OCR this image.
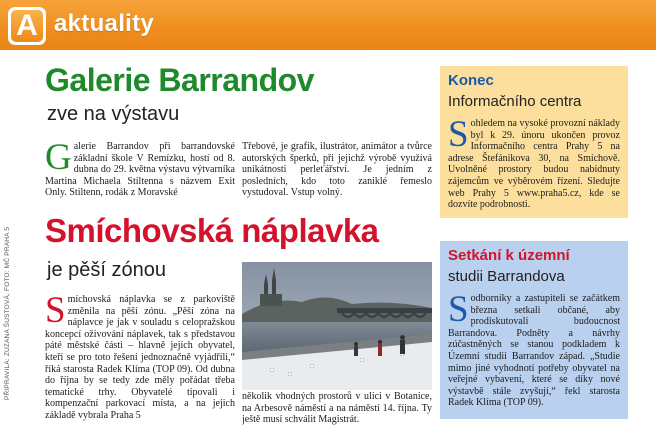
A aktuality
PŘIPRAVILA: ZUZANA ŠUSTOVÁ, FOTO: MČ PRAHA 5
Galerie Barrandov
zve na výstavu
Galerie Barrandov při barrandovské základní škole V Remízku, hostí od 8. dubna do 29. května výstavu výtvarníka Martina Michaela Stiltenna s názvem Exit Only. Stiltenn, rodák z Moravské
Třebové, je grafik, ilustrátor, animátor a tvůrce autorských šperků, při jejichž výrobě využívá unikátnosti perleťářství. Je jedním z posledních, kdo toto zaniklé řemeslo vystudoval. Vstup volný.
Smíchovská náplavka
je pěší zónou
Smíchovská náplavka se z parkoviště změnila na pěší zónu. „Pěší zóna na náplavce je jak v souladu s celopražskou koncepcí oživování náplavek, tak s představou páté městské části – hlavně jejích obyvatel, kteří se pro toto řešení jednoznačně vyjádřili,“ říká starosta Radek Klíma (TOP 09). Od dubna do října by se tedy zde měly pořádat třeba tematické trhy. Obyvatelé tipovali i kompenzační parkovací místa, a na jejich základě vybrala Praha 5
několik vhodných prostorů v ulici v Botanice, na Arbesově náměstí a na náměstí 14. října. Ty ještě musí schválit Magistrát.
Konec
Informačního centra
Sohledem na vysoké provozní náklady byl k 29. únoru ukončen provoz Informačního centra Prahy 5 na adrese Štefánikova 30, na Smíchově. Uvolněné prostory budou nabídnuty zájemcům ve výběrovém řízení. Sledujte web Prahy 5 www.praha5.cz, kde se dozvíte podrobnosti.
Setkání k územní
studii Barrandova
Sodborníky a zastupiteli se začátkem března setkali občané, aby prodiskutovali budoucnost Barrandova. Podněty a návrhy zúčastněných se stanou podkladem k Územní studii Barrandov západ. „Studie mimo jiné vyhodnotí potřeby obyvatel na veřejné vybavení, které se díky nové výstavbě stále zvyšují,“ řekl starosta Radek Klíma (TOP 09).
